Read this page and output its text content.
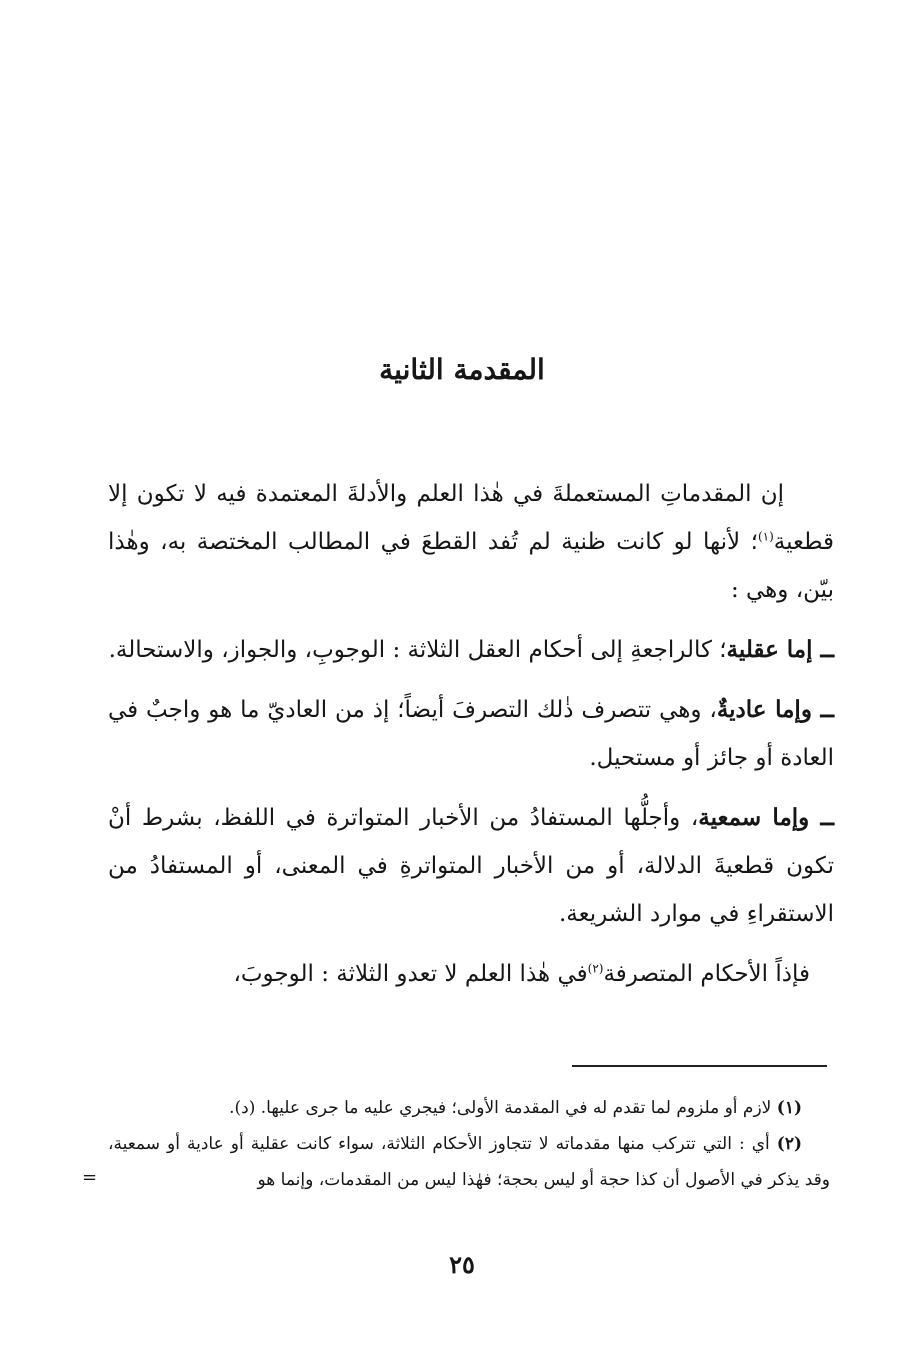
المقدمة الثانية

إن المقدماتِ المستعملةَ في هٰذا العلم والأدلةَ المعتمدة فيه لا تكون إلا قطعية$^{(١)}$؛ لأنها لو كانت ظنية لم تُفد القطعَ في المطالب المختصة به، وهٰذا بيّن، وهي :

ــ إما عقلية؛ كالراجعةِ إلى أحكام العقل الثلاثة : الوجوبِ، والجواز، والاستحالة.

ــ وإما عاديةٌ، وهي تتصرف ذٰلك التصرفَ أيضاً؛ إذ من العاديّ ما هو واجبٌ في العادة أو جائز أو مستحيل.

ــ وإما سمعية، وأجلُّها المستفادُ من الأخبار المتواترة في اللفظ، بشرط أنْ تكون قطعيةَ الدلالة، أو من الأخبار المتواترةِ في المعنى، أو المستفادُ من الاستقراءِ في موارد الشريعة.

فإذاً الأحكام المتصرفة$^{(٢)}$في هٰذا العلم لا تعدو الثلاثة : الوجوبَ،

(١) لازم أو ملزوم لما تقدم له في المقدمة الأولى؛ فيجري عليه ما جرى عليها. (د).

(٢) أي : التي تتركب منها مقدماته لا تتجاوز الأحكام الثلاثة، سواء كانت عقلية أو عادية أو سمعية، وقد يذكر في الأصول أن كذا حجة أو ليس بحجة؛ فهٰذا ليس من المقدمات، وإنما هو

=
٢٥
